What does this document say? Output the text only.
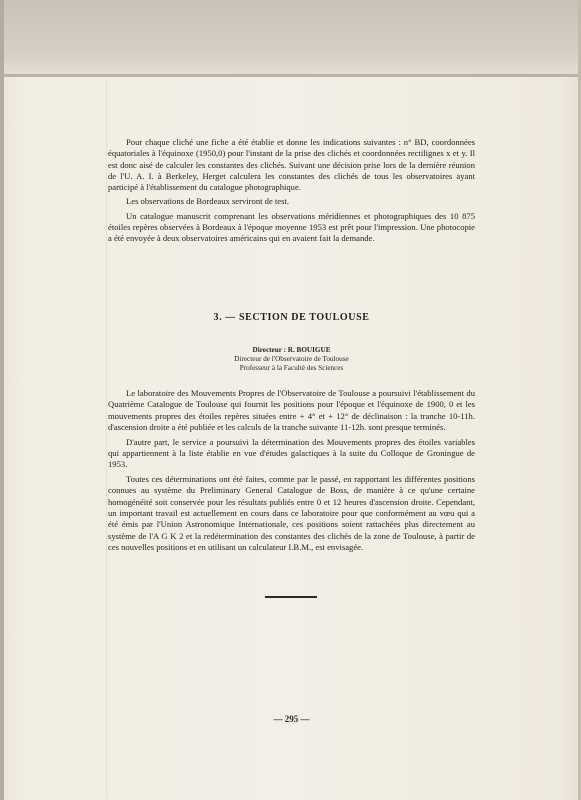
Pour chaque cliché une fiche a été établie et donne les indications suivantes : n° BD, coordonnées équatoriales à l'équinoxe (1950,0) pour l'instant de la prise des clichés et coordonnées rectilignes x et y. Il est donc aisé de calculer les constantes des clichés. Suivant une décision prise lors de la dernière réunion de l'U. A. I. à Berkeley, Herget calculera les constantes des clichés de tous les observatoires ayant participé à l'établissement du catalogue photographique.

Les observations de Bordeaux serviront de test.

Un catalogue manuscrit comprenant les observations méridiennes et photographiques des 10 875 étoiles repères observées à Bordeaux à l'époque moyenne 1953 est prêt pour l'impression. Une photocopie a été envoyée à deux observatoires américains qui en avaient fait la demande.

3. — SECTION DE TOULOUSE
Directeur : R. BOUIGUE
Directeur de l'Observatoire de Toulouse
Professeur à la Faculté des Sciences

Le laboratoire des Mouvements Propres de l'Observatoire de Toulouse a poursuivi l'établissement du Quatrième Catalogue de Toulouse qui fournit les positions pour l'époque et l'équinoxe de 1900, 0 et les mouvements propres des étoiles repères situées entre + 4° et + 12° de déclinaison : la tranche 10-11h. d'ascension droite a été publiée et les calculs de la tranche suivante 11-12h. sont presque terminés.

D'autre part, le service a poursuivi la détermination des Mouvements propres des étoiles variables qui appartiennent à la liste établie en vue d'études galactiques à la suite du Colloque de Groningue de 1953.

Toutes ces déterminations ont été faites, comme par le passé, en rapportant les différentes positions connues au système du Preliminary General Catalogue de Boss, de manière à ce qu'une certaine homogénéité soit conservée pour les résultats publiés entre 0 et 12 heures d'ascension droite. Cependant, un important travail est actuellement en cours dans ce laboratoire pour que conformément au vœu qui a été émis par l'Union Astronomique Internationale, ces positions soient rattachées plus directement au système de l'A G K 2 et la redétermination des constantes des clichés de la zone de Toulouse, à partir de ces nouvelles positions et en utilisant un calculateur I.B.M., est envisagée.

— 295 —
